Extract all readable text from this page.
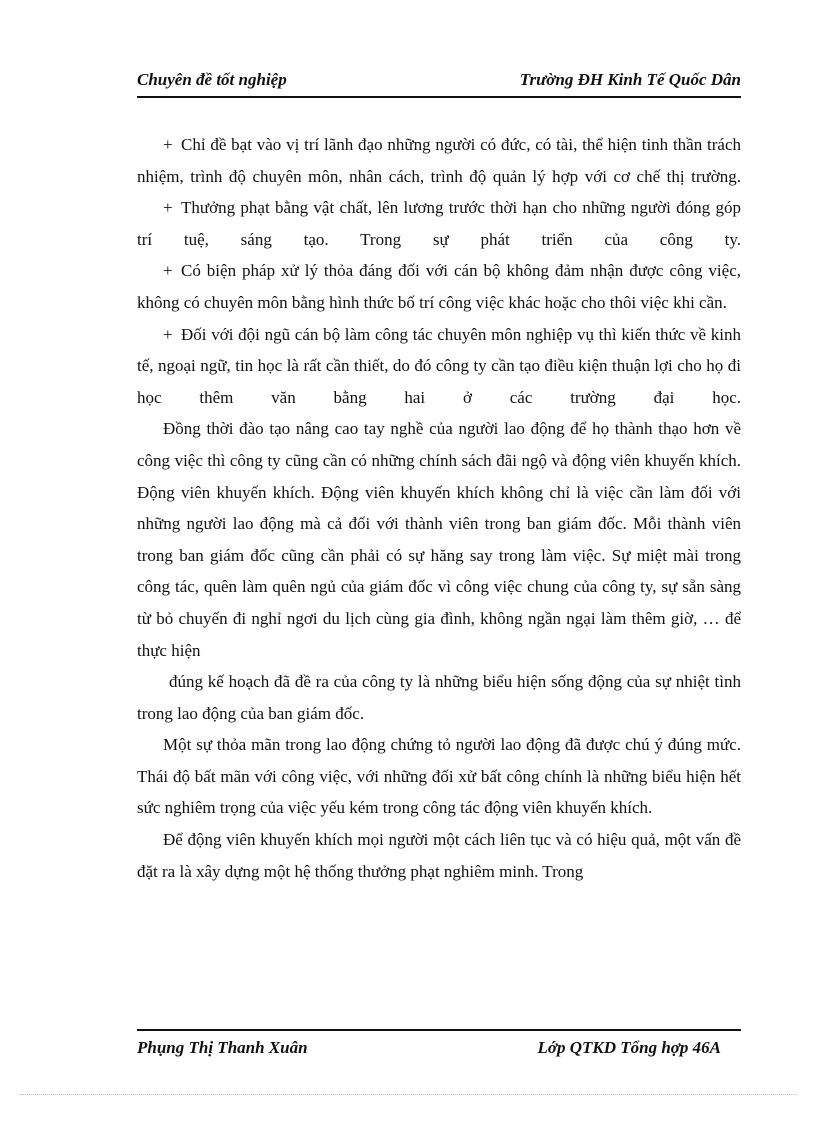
Chuyên đề tốt nghiệp	Trường ĐH Kinh Tế Quốc Dân

+ Chỉ đề bạt vào vị trí lãnh đạo những người có đức, có tài, thể hiện tinh thần trách nhiệm, trình độ chuyên môn, nhân cách, trình độ quản lý hợp với cơ chế thị trường.

+ Thưởng phạt bằng vật chất, lên lương trước thời hạn cho những người đóng góp trí tuệ, sáng tạo. Trong sự phát triển của công ty.

+ Có biện pháp xử lý thỏa đáng đối với cán bộ không đảm nhận được công việc, không có chuyên môn bằng hình thức bố trí công việc khác hoặc cho thôi việc khi cần.

+ Đối với đội ngũ cán bộ làm công tác chuyên môn nghiệp vụ thì kiến thức về kinh tế, ngoại ngữ, tin học là rất cần thiết, do đó công ty cần tạo điều kiện thuận lợi cho họ đi học thêm văn bằng hai ở các trường đại học.

Đồng thời đào tạo nâng cao tay nghề của người lao động để họ thành thạo hơn về công việc thì công ty cũng cần có những chính sách đãi ngộ và động viên khuyến khích. Động viên khuyến khích. Động viên khuyến khích không chỉ là việc cần làm đối với những người lao động mà cả đối với thành viên trong ban giám đốc. Mỗi thành viên trong ban giám đốc cũng cần phải có sự hăng say trong làm việc. Sự miệt mài trong công tác, quên làm quên ngủ của giám đốc vì công việc chung của công ty, sự sẵn sàng từ bỏ chuyến đi nghỉ ngơi du lịch cùng gia đình, không ngần ngại làm thêm giờ, … để thực hiện

đúng kế hoạch đã đề ra của công ty là những biểu hiện sống động của sự nhiệt tình trong lao động của ban giám đốc.

Một sự thỏa mãn trong lao động chứng tỏ người lao động đã được chú ý đúng mức. Thái độ bất mãn với công việc, với những đối xử bất công chính là những biểu hiện hết sức nghiêm trọng của việc yếu kém trong công tác động viên khuyến khích.

Để động viên khuyến khích mọi người một cách liên tục và có hiệu quả, một vấn đề đặt ra là xây dựng một hệ thống thưởng phạt nghiêm minh. Trong

Phụng Thị Thanh Xuân	Lớp QTKD Tổng hợp 46A
